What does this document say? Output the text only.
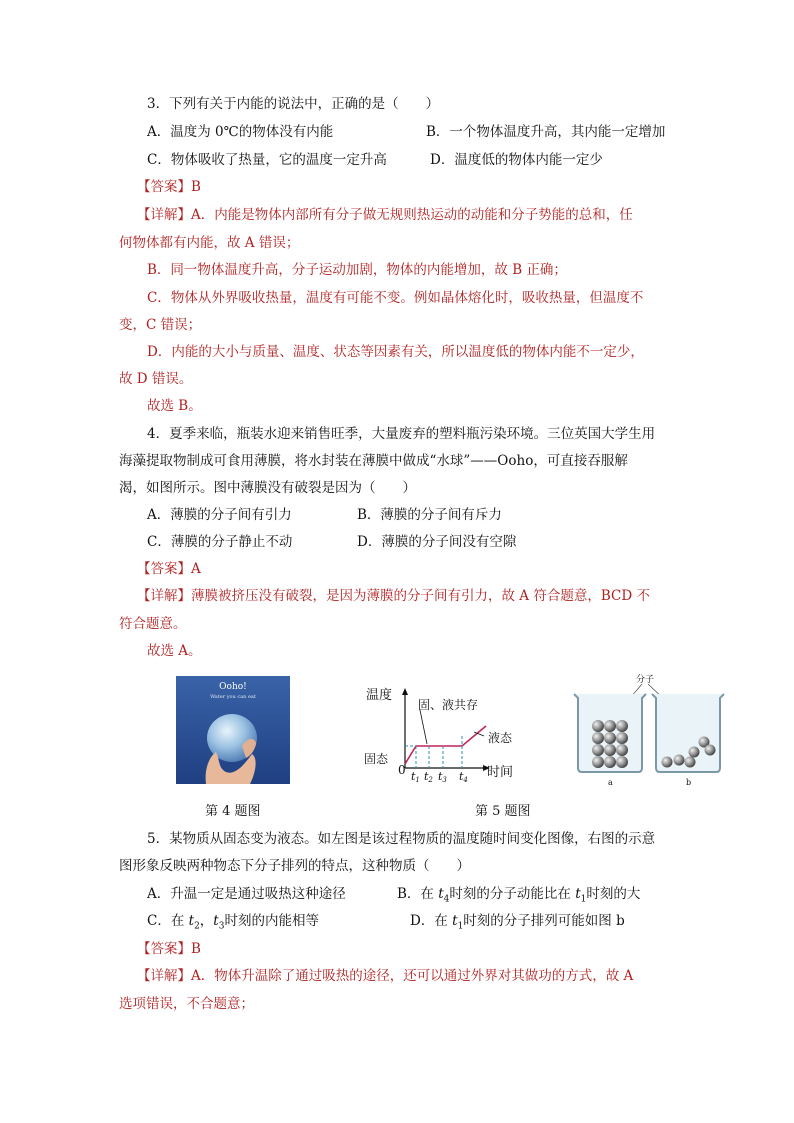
3．下列有关于内能的说法中，正确的是（　　）
A．温度为 0℃的物体没有内能	B．一个物体温度升高，其内能一定增加
C．物体吸收了热量，它的温度一定升高	D．温度低的物体内能一定少
【答案】B
【详解】A．内能是物体内部所有分子做无规则热运动的动能和分子势能的总和，任
何物体都有内能，故 A 错误；
B．同一物体温度升高，分子运动加剧，物体的内能增加，故 B 正确；
C．物体从外界吸收热量，温度有可能不变。例如晶体熔化时，吸收热量，但温度不
变，C 错误；
D．内能的大小与质量、温度、状态等因素有关，所以温度低的物体内能不一定少，
故 D 错误。
故选 B。
4．夏季来临，瓶装水迎来销售旺季，大量废弃的塑料瓶污染环境。三位英国大学生用
海藻提取物制成可食用薄膜，将水封装在薄膜中做成“水球”——Ooho，可直接吞服解
渴，如图所示。图中薄膜没有破裂是因为（　　）
A．薄膜的分子间有引力	B．薄膜的分子间有斥力
C．薄膜的分子静止不动	D．薄膜的分子间没有空隙
【答案】A
【详解】薄膜被挤压没有破裂，是因为薄膜的分子间有引力，故 A 符合题意，BCD 不
符合题意。
故选 A。
Ooho!
Water you can eat	温度
时间
0
固态
固、液共存
液态
t1 t2 t3 t4
分子
a	b
第 4 题图	第 5 题图
5．某物质从固态变为液态。如左图是该过程物质的温度随时间变化图像，右图的示意
图形象反映两种物态下分子排列的特点，这种物质（　　）
A．升温一定是通过吸热这种途径	B．在 $t_4$时刻的分子动能比在 $t_1$时刻的大
C．在 $t_2$，$t_3$时刻的内能相等	D．在 $t_1$时刻的分子排列可能如图 b
【答案】B
【详解】A．物体升温除了通过吸热的途径，还可以通过外界对其做功的方式，故 A
选项错误，不合题意；
